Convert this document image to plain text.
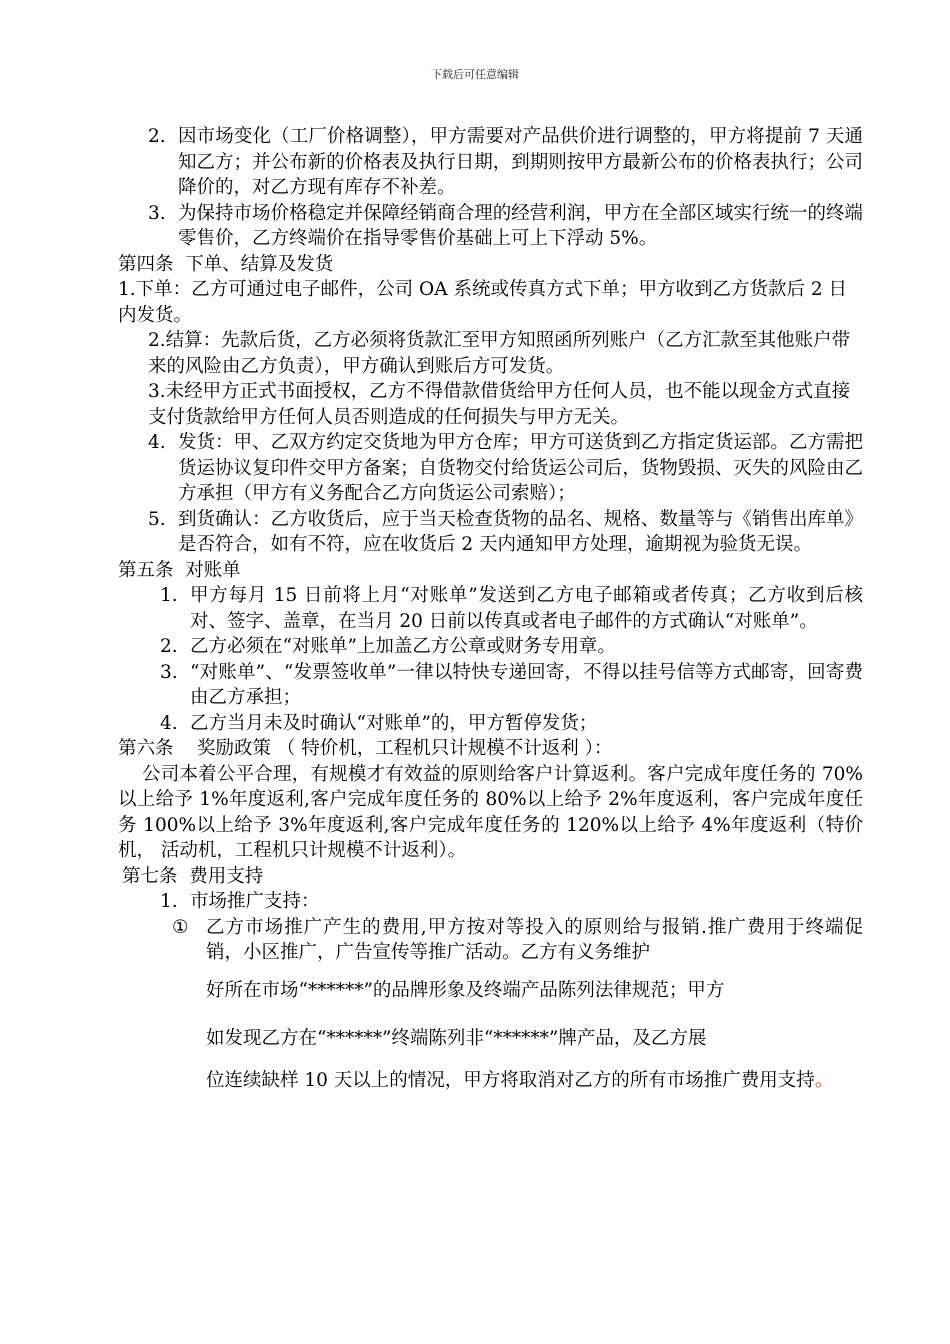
下载后可任意编辑
2. 因市场变化（工厂价格调整），甲方需要对产品供价进行调整的，甲方将提前 7 天通知乙方；并公布新的价格表及执行日期，到期则按甲方最新公布的价格表执行；公司降价的，对乙方现有库存不补差。
3. 为保持市场价格稳定并保障经销商合理的经营利润，甲方在全部区域实行统一的终端零售价，乙方终端价在指导零售价基础上可上下浮动 5%。
第四条  下单、结算及发货
1.下单：乙方可通过电子邮件，公司 OA 系统或传真方式下单；甲方收到乙方货款后 2 日内发货。
2.结算：先款后货，乙方必须将货款汇至甲方知照函所列账户（乙方汇款至其他账户带来的风险由乙方负责），甲方确认到账后方可发货。
3.未经甲方正式书面授权，乙方不得借款借货给甲方任何人员，也不能以现金方式直接支付货款给甲方任何人员否则造成的任何损失与甲方无关。
4. 发货：甲、乙双方约定交货地为甲方仓库；甲方可送货到乙方指定货运部。乙方需把货运协议复印件交甲方备案；自货物交付给货运公司后，货物毁损、灭失的风险由乙方承担（甲方有义务配合乙方向货运公司索赔）；
5. 到货确认：乙方收货后，应于当天检查货物的品名、规格、数量等与《销售出库单》是否符合，如有不符，应在收货后 2 天内通知甲方处理，逾期视为验货无误。
第五条  对账单
1. 甲方每月 15 日前将上月“对账单”发送到乙方电子邮箱或者传真；乙方收到后核对、签字、盖章，在当月 20 日前以传真或者电子邮件的方式确认“对账单”。
2. 乙方必须在“对账单”上加盖乙方公章或财务专用章。
3. “对账单”、“发票签收单”一律以特快专递回寄，不得以挂号信等方式邮寄，回寄费由乙方承担；
4. 乙方当月未及时确认“对账单”的，甲方暂停发货；
第六条    奖励政策 （ 特价机，工程机只计规模不计返利 ）：
公司本着公平合理，有规模才有效益的原则给客户计算返利。客户完成年度任务的 70%以上给予 1%年度返利,客户完成年度任务的 80%以上给予 2%年度返利，客户完成年度任务 100%以上给予 3%年度返利,客户完成年度任务的 120%以上给予 4%年度返利（特价机， 活动机，工程机只计规模不计返利）。
第七条  费用支持
1. 市场推广支持：
① 乙方市场推广产生的费用,甲方按对等投入的原则给与报销.推广费用于终端促销，小区推广，广告宣传等推广活动。乙方有义务维护
好所在市场“******”的品牌形象及终端产品陈列法律规范；甲方
如发现乙方在“******”终端陈列非“******”牌产品，及乙方展
位连续缺样 10 天以上的情况，甲方将取消对乙方的所有市场推广费用支持。
